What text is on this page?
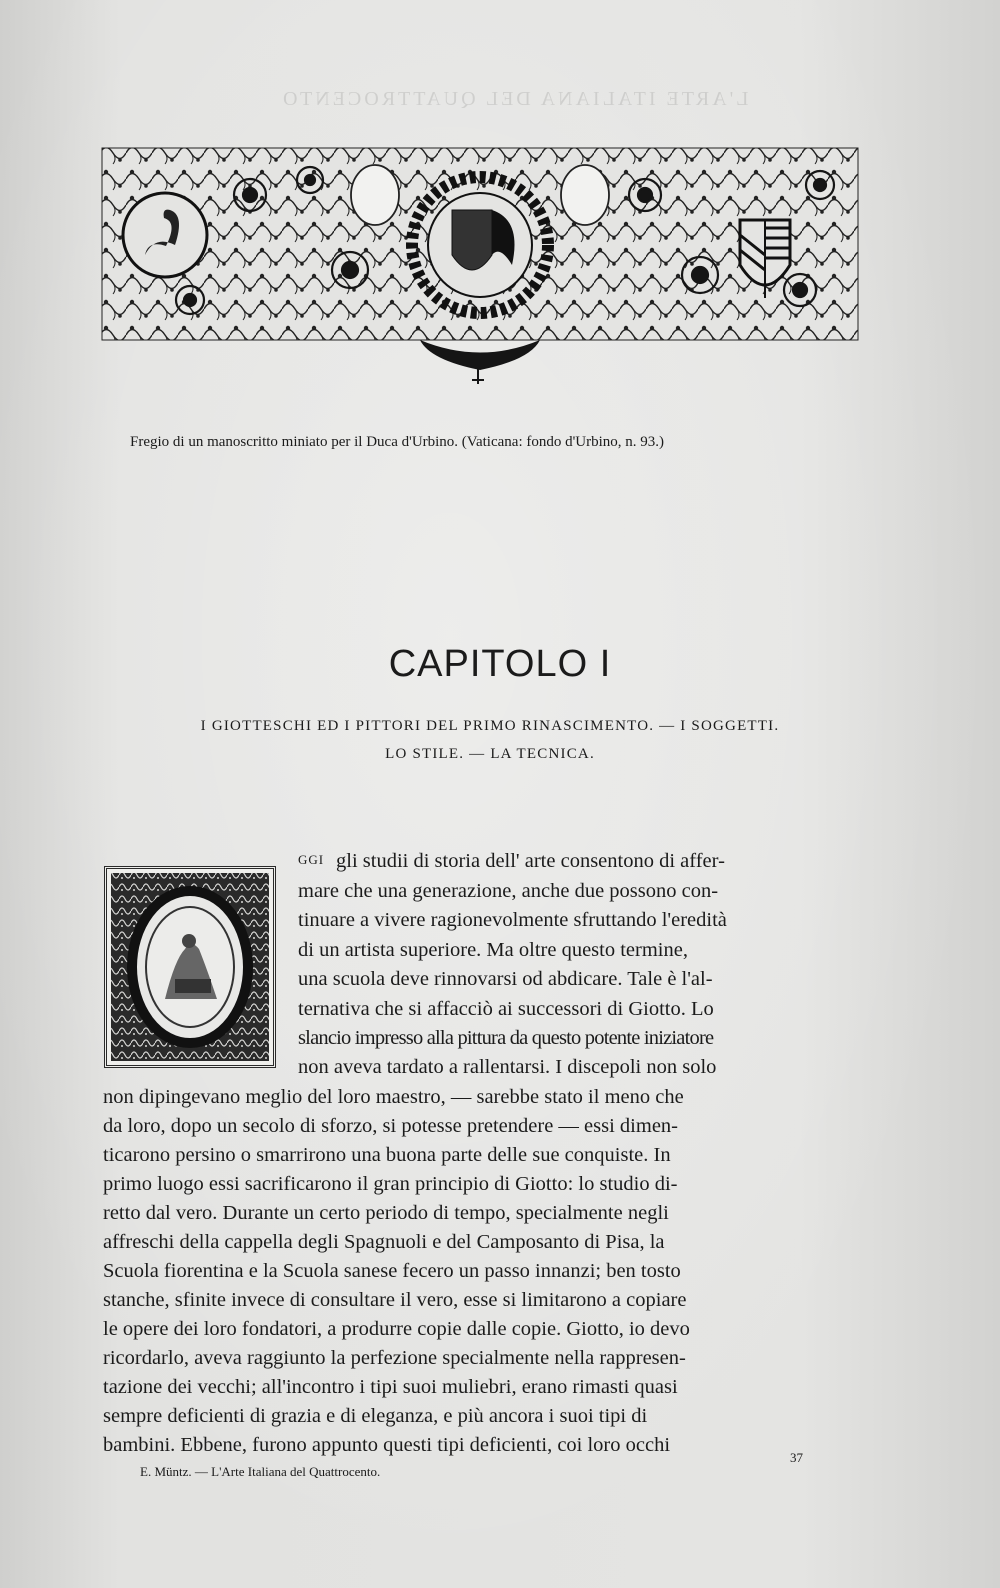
L'ARTE ITALIANA DEL QUATTROCENTO
Fregio di un manoscritto miniato per il Duca d'Urbino. (Vaticana: fondo d'Urbino, n. 93.)
CAPITOLO I
I GIOTTESCHI ED I PITTORI DEL PRIMO RINASCIMENTO. — I SOGGETTI.
LO STILE. — LA TECNICA.
ggi gli studii di storia dell' arte consentono di affer-
mare che una generazione, anche due possono con-
tinuare a vivere ragionevolmente sfruttando l'eredità
di un artista superiore. Ma oltre questo termine,
una scuola deve rinnovarsi od abdicare. Tale è l'al-
ternativa che si affacciò ai successori di Giotto. Lo
slancio impresso alla pittura da questo potente iniziatore
non aveva tardato a rallentarsi. I discepoli non solo
non dipingevano meglio del loro maestro, — sarebbe stato il meno che
da loro, dopo un secolo di sforzo, si potesse pretendere — essi dimen-
ticarono persino o smarrirono una buona parte delle sue conquiste. In
primo luogo essi sacrificarono il gran principio di Giotto: lo studio di-
retto dal vero. Durante un certo periodo di tempo, specialmente negli
affreschi della cappella degli Spagnuoli e del Camposanto di Pisa, la
Scuola fiorentina e la Scuola sanese fecero un passo innanzi; ben tosto
stanche, sfinite invece di consultare il vero, esse si limitarono a copiare
le opere dei loro fondatori, a produrre copie dalle copie. Giotto, io devo
ricordarlo, aveva raggiunto la perfezione specialmente nella rappresen-
tazione dei vecchi; all'incontro i tipi suoi muliebri, erano rimasti quasi
sempre deficienti di grazia e di eleganza, e più ancora i suoi tipi di
bambini. Ebbene, furono appunto questi tipi deficienti, coi loro occhi
37
E. Müntz. — L'Arte Italiana del Quattrocento.
